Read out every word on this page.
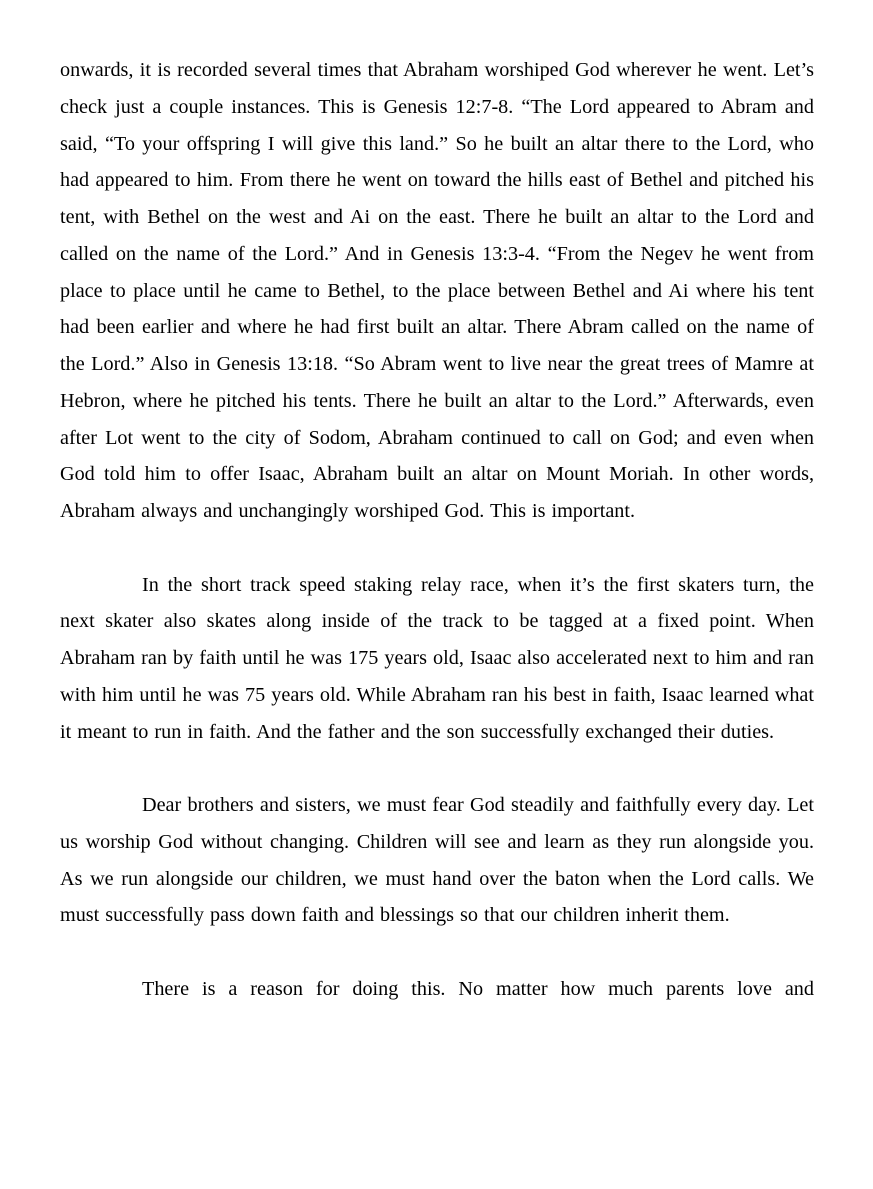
onwards, it is recorded several times that Abraham worshiped God wherever he went. Let’s check just a couple instances. This is Genesis 12:7-8. “The Lord appeared to Abram and said, “To your offspring I will give this land.” So he built an altar there to the Lord, who had appeared to him. From there he went on toward the hills east of Bethel and pitched his tent, with Bethel on the west and Ai on the east. There he built an altar to the Lord and called on the name of the Lord.” And in Genesis 13:3-4. “From the Negev he went from place to place until he came to Bethel, to the place between Bethel and Ai where his tent had been earlier and where he had first built an altar. There Abram called on the name of the Lord.” Also in Genesis 13:18. “So Abram went to live near the great trees of Mamre at Hebron, where he pitched his tents. There he built an altar to the Lord.” Afterwards, even after Lot went to the city of Sodom, Abraham continued to call on God; and even when God told him to offer Isaac, Abraham built an altar on Mount Moriah. In other words, Abraham always and unchangingly worshiped God. This is important.

In the short track speed staking relay race, when it’s the first skaters turn, the next skater also skates along inside of the track to be tagged at a fixed point. When Abraham ran by faith until he was 175 years old, Isaac also accelerated next to him and ran with him until he was 75 years old. While Abraham ran his best in faith, Isaac learned what it meant to run in faith. And the father and the son successfully exchanged their duties.

Dear brothers and sisters, we must fear God steadily and faithfully every day. Let us worship God without changing. Children will see and learn as they run alongside you. As we run alongside our children, we must hand over the baton when the Lord calls. We must successfully pass down faith and blessings so that our children inherit them.

There is a reason for doing this. No matter how much parents love and
